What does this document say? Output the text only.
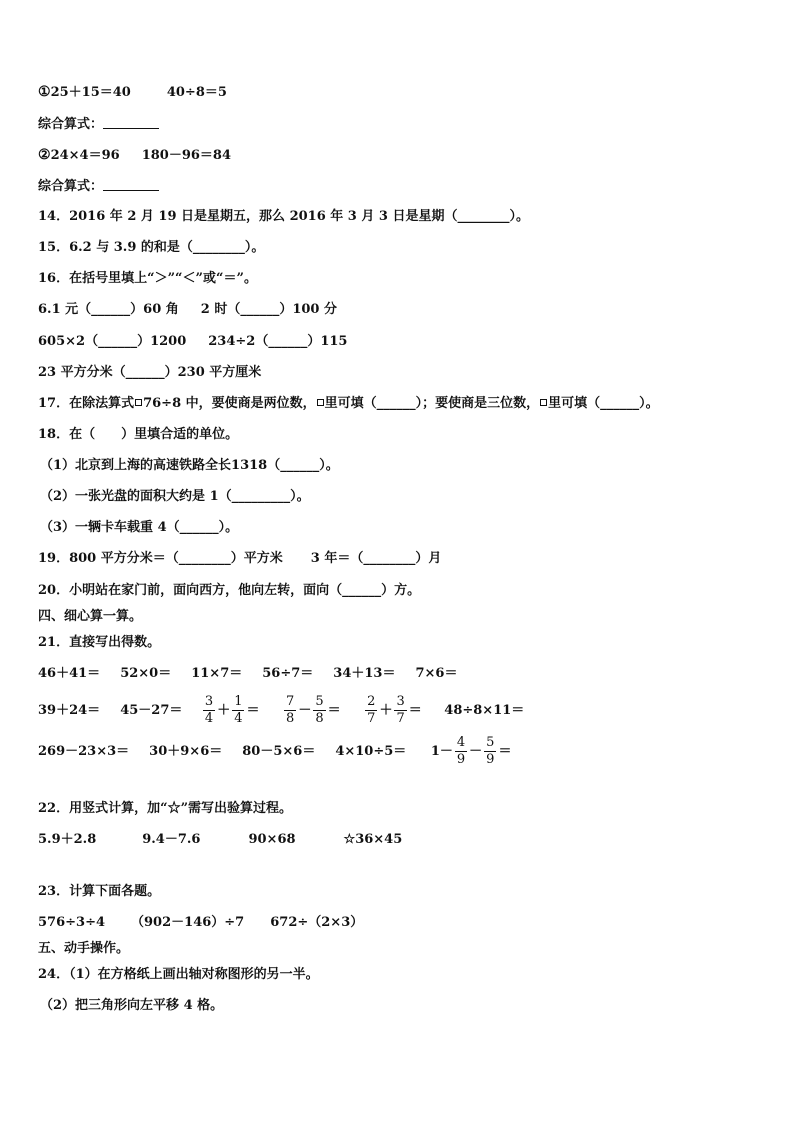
①25＋15＝40	40÷8＝5
综合算式：
②24×4＝96 180－96＝84
综合算式：
14．2016 年 2 月 19 日是星期五，那么 2016 年 3 月 3 日是星期（________）。
15．6.2 与 3.9 的和是（________）。
16．在括号里填上“＞”“＜”或“＝”。
6.1 元（______）60 角 2 时（______）100 分
605×2（______）1200 234÷2（______）115
23 平方分米（______）230 平方厘米
17．在除法算式 76÷8 中，要使商是两位数， 里可填（______）；要使商是三位数， 里可填（______）。
18．在（　　）里填合适的单位。
（1）北京到上海的高速铁路全长1318（______）。
（2）一张光盘的面积大约是 1（_________）。
（3）一辆卡车载重 4（______）。
19．800 平方分米＝（________）平方米 3 年＝（________）月
20．小明站在家门前，面向西方，他向左转，面向（______）方。
四、细心算一算。
21．直接写出得数。
46＋41＝ 52×0＝ 11×7＝ 56÷7＝ 34＋13＝ 7×6＝
$39+24= 45-27= \frac{3}{4} + \frac{1}{4} = \frac{7}{8} - \frac{5}{8} = \frac{2}{7} + \frac{3}{7} = 48\div 8\times 11=$
$269-23\times 3= 30+9\times 6= 80-5\times 6= 4\times 10\div 5= 1- \frac{4}{9} - \frac{5}{9}$ ＝
22．用竖式计算，加“☆”需写出验算过程。
5.9＋2.8	9.4－7.6	90×68	☆36×45
23．计算下面各题。
576÷3÷4 （902－146）÷7 672÷（2×3）
五、动手操作。
24．（1）在方格纸上画出轴对称图形的另一半。
（2）把三角形向左平移 4 格。
